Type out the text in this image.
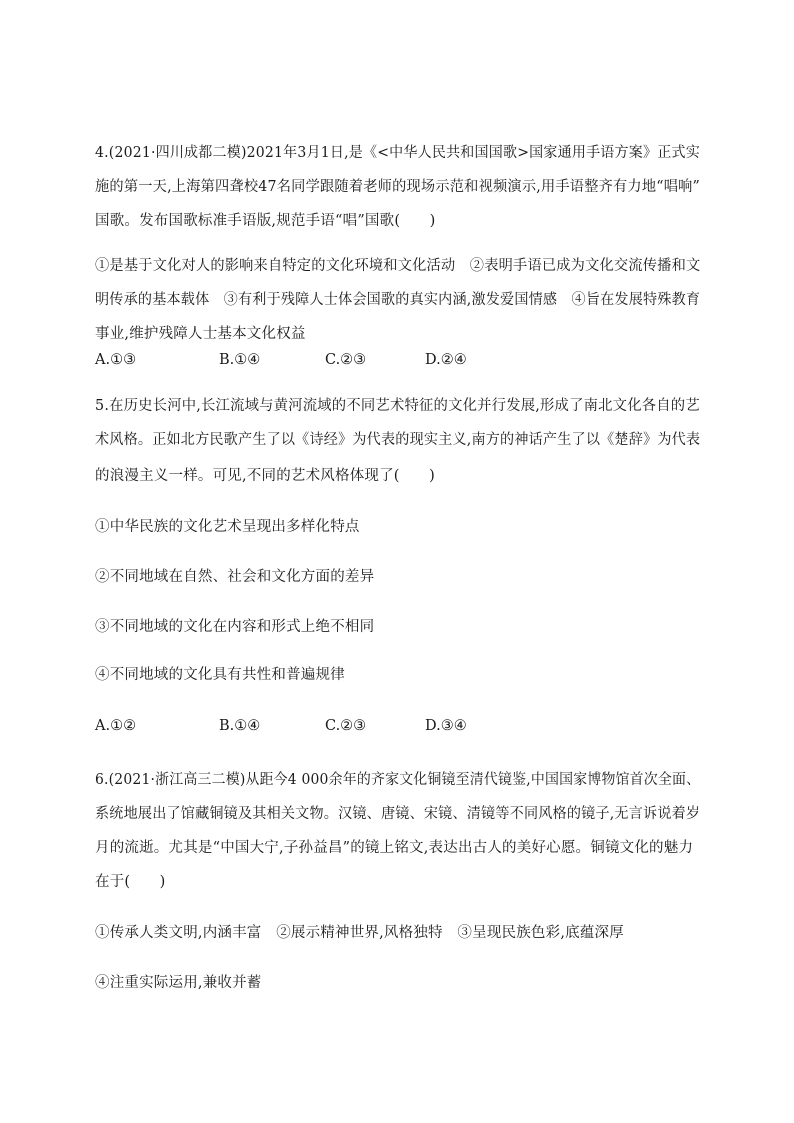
4.(2021·四川成都二模)2021年3月1日,是《<中华人民共和国国歌>国家通用手语方案》正式实
施的第一天,上海第四聋校47名同学跟随着老师的现场示范和视频演示,用手语整齐有力地“唱响”
国歌。发布国歌标准手语版,规范手语“唱”国歌(　　)
①是基于文化对人的影响来自特定的文化环境和文化活动　②表明手语已成为文化交流传播和文
明传承的基本载体　③有利于残障人士体会国歌的真实内涵,激发爱国情感　④旨在发展特殊教育
事业,维护残障人士基本文化权益
A.①③	B.①④	C.②③	D.②④
5.在历史长河中,长江流域与黄河流域的不同艺术特征的文化并行发展,形成了南北文化各自的艺
术风格。正如北方民歌产生了以《诗经》为代表的现实主义,南方的神话产生了以《楚辞》为代表
的浪漫主义一样。可见,不同的艺术风格体现了(　　)
①中华民族的文化艺术呈现出多样化特点
②不同地域在自然、社会和文化方面的差异
③不同地域的文化在内容和形式上绝不相同
④不同地域的文化具有共性和普遍规律
A.①②	B.①④	C.②③	D.③④
6.(2021·浙江高三二模)从距今4 000余年的齐家文化铜镜至清代镜鉴,中国国家博物馆首次全面、
系统地展出了馆藏铜镜及其相关文物。汉镜、唐镜、宋镜、清镜等不同风格的镜子,无言诉说着岁
月的流逝。尤其是“中国大宁,子孙益昌”的镜上铭文,表达出古人的美好心愿。铜镜文化的魅力
在于(　　)
①传承人类文明,内涵丰富　②展示精神世界,风格独特　③呈现民族色彩,底蕴深厚
④注重实际运用,兼收并蓄
